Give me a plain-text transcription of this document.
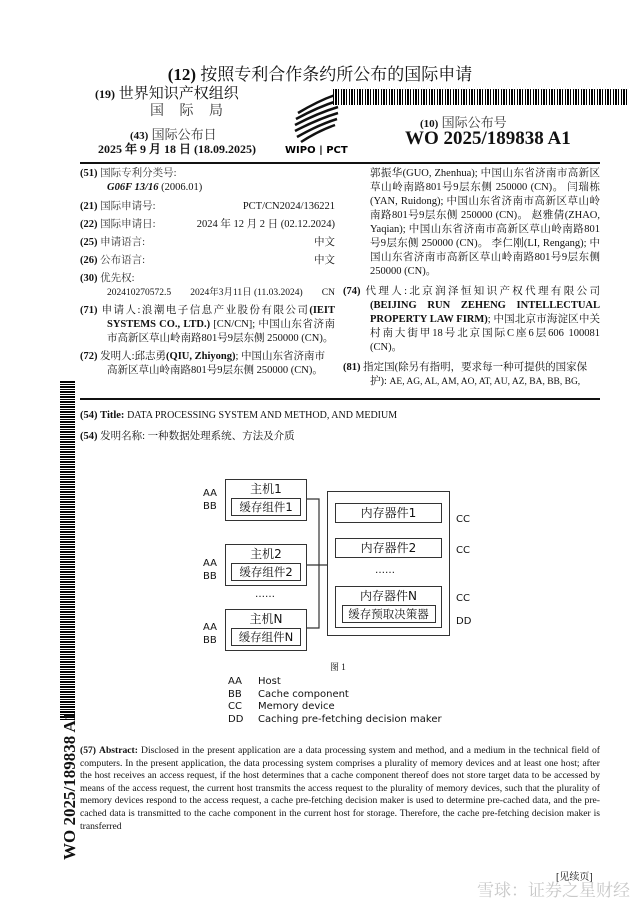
(12) 按照专利合作条约所公布的国际申请
(19) 世界知识产权组织
国 际 局
(43) 国际公布日
2025 年 9 月 18 日 (18.09.2025)	WIPO | PCT
(10) 国际公布号
WO 2025/189838 A1
(51) 国际专利分类号:
G06F 13/16 (2006.01)
(21) 国际申请号:	PCT/CN2024/136221
(22) 国际申请日:	2024 年 12 月 2 日 (02.12.2024)
(25) 申请语言:	中文
(26) 公布语言:	中文
(30) 优先权:
202410270572.5 2024年3月11日 (11.03.2024) CN
(71) 申请人:浪潮电子信息产业股份有限公司(IEIT SYSTEMS CO., LTD.) [CN/CN]; 中国山东省济南市高新区草山岭南路801号9层东侧 250000 (CN)。
(72) 发明人:邱志勇(QIU, Zhiyong); 中国山东省济南市高新区草山岭南路801号9层东侧 250000 (CN)。
郭振华(GUO, Zhenhua); 中国山东省济南市高新区草山岭南路801号9层东侧 250000 (CN)。 闫瑞栋(YAN, Ruidong); 中国山东省济南市高新区草山岭南路801号9层东侧 250000 (CN)。 赵雅倩(ZHAO, Yaqian); 中国山东省济南市高新区草山岭南路801号9层东侧 250000 (CN)。 李仁刚(LI, Rengang); 中国山东省济南市高新区草山岭南路801号9层东侧 250000 (CN)。
(74) 代理人:北京润泽恒知识产权代理有限公司(BEIJING RUN ZEHENG INTELLECTUAL PROPERTY LAW FIRM); 中国北京市海淀区中关村南大街甲18号北京国际C座6层606 100081 (CN)。
(81) 指定国(除另有指明，要求每一种可提供的国家保护): AE, AG, AL, AM, AO, AT, AU, AZ, BA, BB, BG,
WO 2025/189838 A1
(54) Title: DATA PROCESSING SYSTEM AND METHOD, AND MEDIUM
(54) 发明名称: 一种数据处理系统、方法及介质
主机1
缓存组件1
主机2
缓存组件2
主机N
缓存组件N
……
内存器件1
内存器件2
……
内存器件N
缓存预取决策器
AA
BB
AA
BB
AA
BB
CC
CC
CC
DD
图 1
AA Host
BB Cache component
CC Memory device
DD Caching pre-fetching decision maker
(57) Abstract: Disclosed in the present application are a data processing system and method, and a medium in the technical field of computers. In the present application, the data processing system comprises a plurality of memory devices and at least one host; after the host receives an access request, if the host determines that a cache component thereof does not store target data to be accessed by means of the access request, the current host transmits the access request to the plurality of memory devices, such that the plurality of memory devices respond to the access request, a cache pre-fetching decision maker is used to determine pre-cached data, and the pre-cached data is transmitted to the cache component in the current host for storage. Therefore, the cache pre-fetching decision maker is transferred
[见续页]
雪球：证券之星财经
